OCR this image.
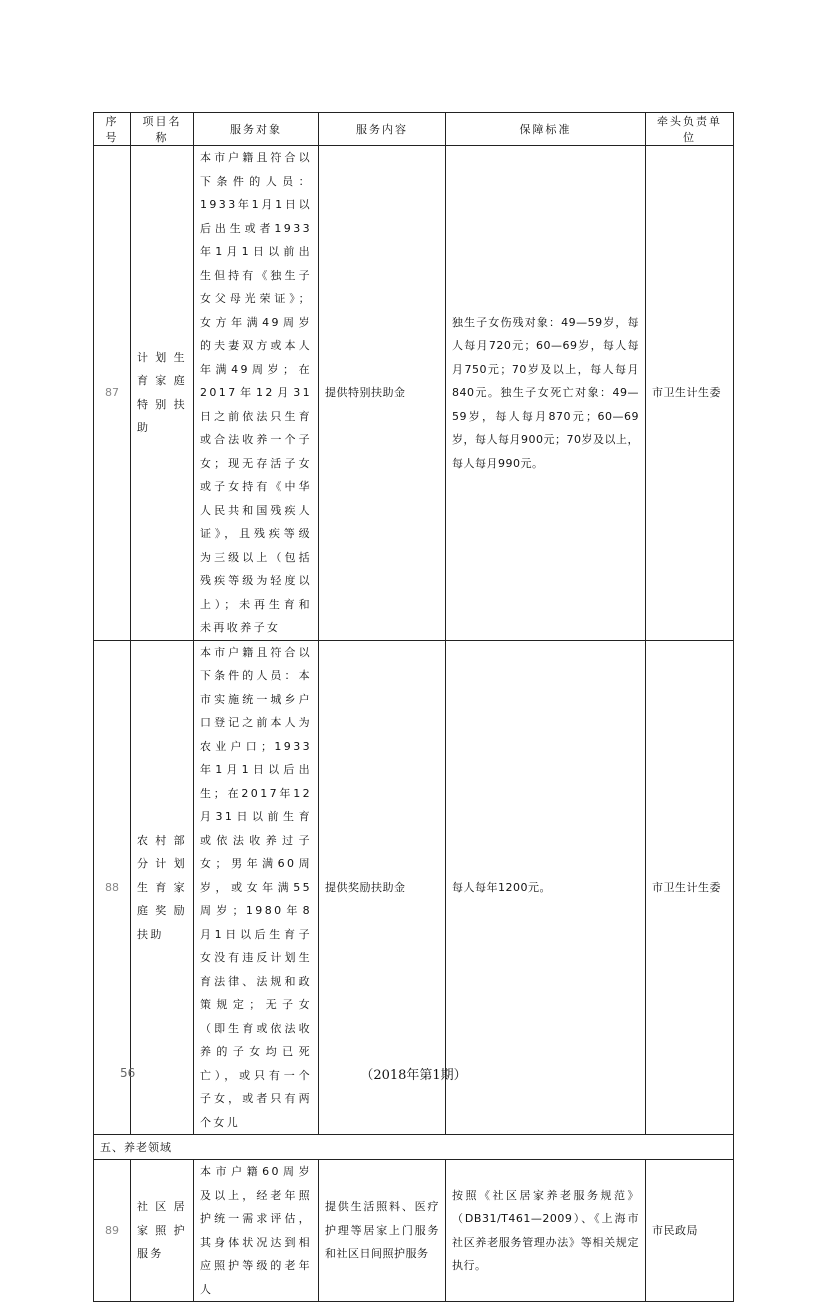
序号	项目名称	服务对象	服务内容	保障标准	牵头负责单位
87	计划生育家庭特别扶助	本市户籍且符合以下条件的人员：1933年1月1日以后出生或者1933年1月1日以前出生但持有《独生子女父母光荣证》；女方年满49周岁的夫妻双方或本人年满49周岁；在2017年12月31日之前依法只生育或合法收养一个子女；现无存活子女或子女持有《中华人民共和国残疾人证》，且残疾等级为三级以上（包括残疾等级为轻度以上）；未再生育和未再收养子女	提供特别扶助金	独生子女伤残对象：49—59岁，每人每月720元；60—69岁，每人每月750元；70岁及以上，每人每月840元。独生子女死亡对象：49—59岁，每人每月870元；60—69岁，每人每月900元；70岁及以上，每人每月990元。	市卫生计生委
88	农村部分计划生育家庭奖励扶助	本市户籍且符合以下条件的人员：本市实施统一城乡户口登记之前本人为农业户口；1933年1月1日以后出生；在2017年12月31日以前生育或依法收养过子女；男年满60周岁，或女年满55周岁；1980年8月1日以后生育子女没有违反计划生育法律、法规和政策规定；无子女（即生育或依法收养的子女均已死亡），或只有一个子女，或者只有两个女儿	提供奖励扶助金	每人每年1200元。	市卫生计生委
五、养老领域					
89	社区居家照护服务	本市户籍60周岁及以上，经老年照护统一需求评估，其身体状况达到相应照护等级的老年人	提供生活照料、医疗护理等居家上门服务和社区日间照护服务	按照《社区居家养老服务规范》（DB31/T461—2009）、《上海市社区养老服务管理办法》等相关规定执行。	市民政局
56	（2018年第1期）
